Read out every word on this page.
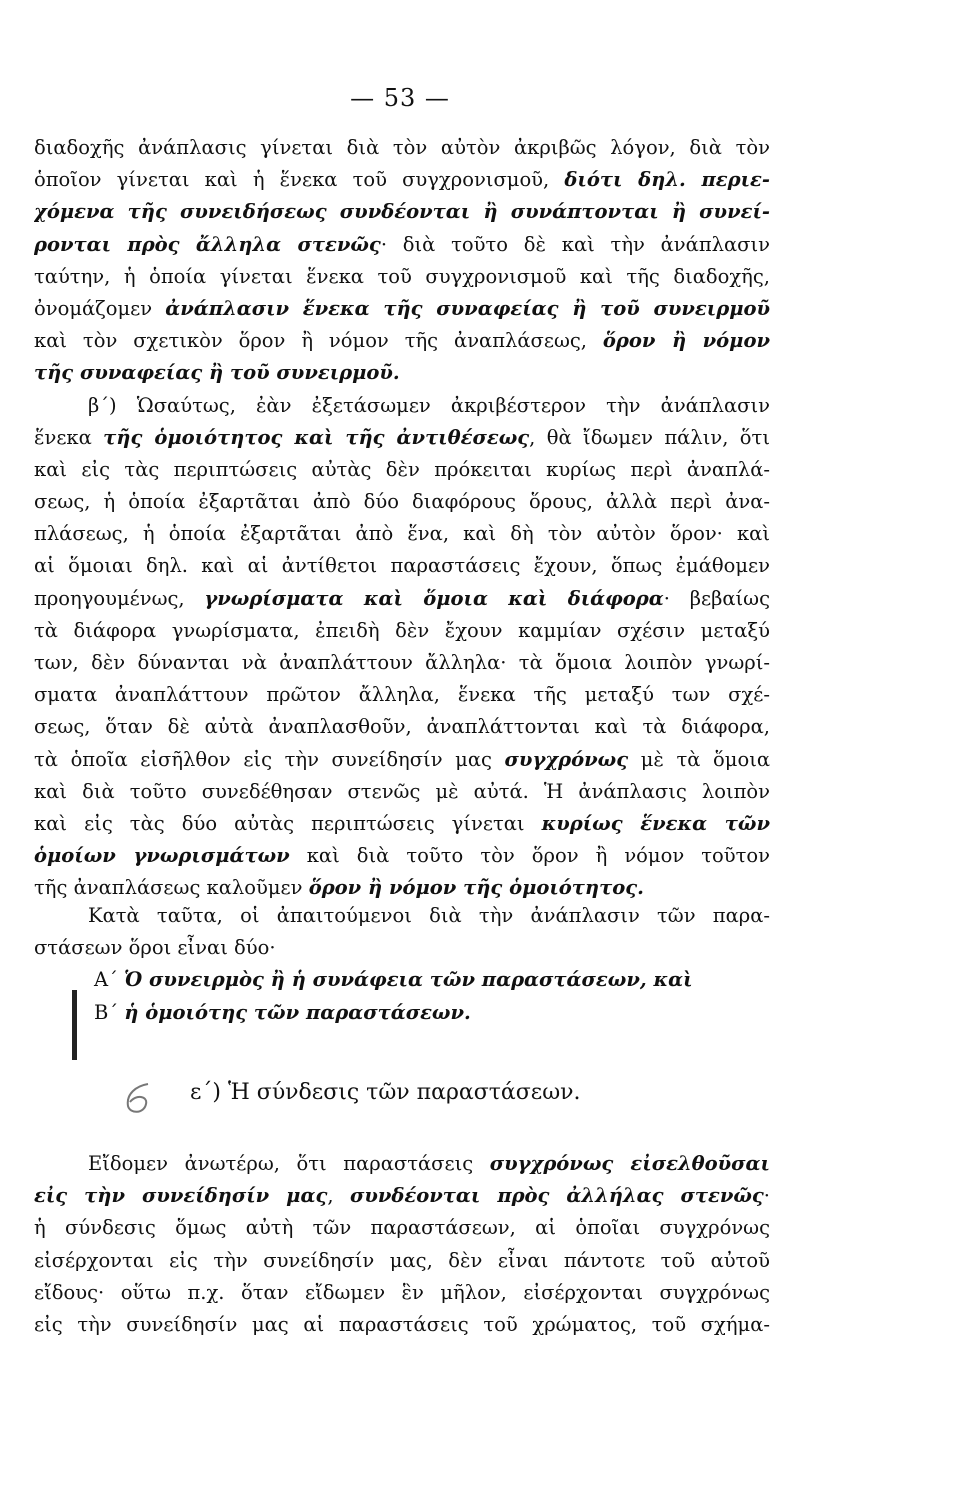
— 53 —
διαδοχῆς ἀνάπλασις γίνεται διὰ τὸν αὐτὸν ἀκριβῶς λόγον, διὰ τὸν
ὁποῖον γίνεται καὶ ἡ ἕνεκα τοῦ συγχρονισμοῦ, διότι δηλ. περιε-
χόμενα τῆς συνειδήσεως συνδέονται ἢ συνάπτονται ἢ συνεί-
ρονται πρὸς ἄλληλα στενῶς· διὰ τοῦτο δὲ καὶ τὴν ἀνάπλασιν
ταύτην, ἡ ὁποία γίνεται ἕνεκα τοῦ συγχρονισμοῦ καὶ τῆς διαδοχῆς,
ὀνομάζομεν ἀνάπλασιν ἕνεκα τῆς συναφείας ἢ τοῦ συνειρμοῦ
καὶ τὸν σχετικὸν ὅρον ἢ νόμον τῆς ἀναπλάσεως, ὅρον ἢ νόμον
τῆς συναφείας ἢ τοῦ συνειρμοῦ.
β΄) Ὡσαύτως, ἐὰν ἐξετάσωμεν ἀκριβέστερον τὴν ἀνάπλασιν
ἕνεκα τῆς ὁμοιότητος καὶ τῆς ἀντιθέσεως, θὰ ἴδωμεν πάλιν, ὅτι
καὶ εἰς τὰς περιπτώσεις αὐτὰς δὲν πρόκειται κυρίως περὶ ἀναπλά-
σεως, ἡ ὁποία ἐξαρτᾶται ἀπὸ δύο διαφόρους ὅρους, ἀλλὰ περὶ ἀνα-
πλάσεως, ἡ ὁποία ἐξαρτᾶται ἀπὸ ἕνα, καὶ δὴ τὸν αὐτὸν ὅρον· καὶ
αἱ ὅμοιαι δηλ. καὶ αἱ ἀντίθετοι παραστάσεις ἔχουν, ὅπως ἐμάθομεν
προηγουμένως, γνωρίσματα καὶ ὅμοια καὶ διάφορα· βεβαίως
τὰ διάφορα γνωρίσματα, ἐπειδὴ δὲν ἔχουν καμμίαν σχέσιν μεταξύ
των, δὲν δύνανται νὰ ἀναπλάττουν ἄλληλα· τὰ ὅμοια λοιπὸν γνωρί-
σματα ἀναπλάττουν πρῶτον ἄλληλα, ἕνεκα τῆς μεταξύ των σχέ-
σεως, ὅταν δὲ αὐτὰ ἀναπλασθοῦν, ἀναπλάττονται καὶ τὰ διάφορα,
τὰ ὁποῖα εἰσῆλθον εἰς τὴν συνείδησίν μας συγχρόνως μὲ τὰ ὅμοια
καὶ διὰ τοῦτο συνεδέθησαν στενῶς μὲ αὐτά. Ἡ ἀνάπλασις λοιπὸν
καὶ εἰς τὰς δύο αὐτὰς περιπτώσεις γίνεται κυρίως ἕνεκα τῶν
ὁμοίων γνωρισμάτων καὶ διὰ τοῦτο τὸν ὅρον ἢ νόμον τοῦτον
τῆς ἀναπλάσεως καλοῦμεν ὅρον ἢ νόμον τῆς ὁμοιότητος.
Κατὰ ταῦτα, οἱ ἀπαιτούμενοι διὰ τὴν ἀνάπλασιν τῶν παρα-
στάσεων ὅροι εἶναι δύο·
Α΄ Ὁ συνειρμὸς ἢ ἡ συνάφεια τῶν παραστάσεων, καὶ
Β΄ ἡ ὁμοιότης τῶν παραστάσεων.
ε΄) Ἡ σύνδεσις τῶν παραστάσεων.
Εἴδομεν ἀνωτέρω, ὅτι παραστάσεις συγχρόνως εἰσελθοῦσαι
εἰς τὴν συνείδησίν μας, συνδέονται πρὸς ἀλλήλας στενῶς·
ἡ σύνδεσις ὅμως αὐτὴ τῶν παραστάσεων, αἱ ὁποῖαι συγχρόνως
εἰσέρχονται εἰς τὴν συνείδησίν μας, δὲν εἶναι πάντοτε τοῦ αὐτοῦ
εἴδους· οὕτω π.χ. ὅταν εἴδωμεν ἓν μῆλον, εἰσέρχονται συγχρόνως
εἰς τὴν συνείδησίν μας αἱ παραστάσεις τοῦ χρώματος, τοῦ σχήμα-
